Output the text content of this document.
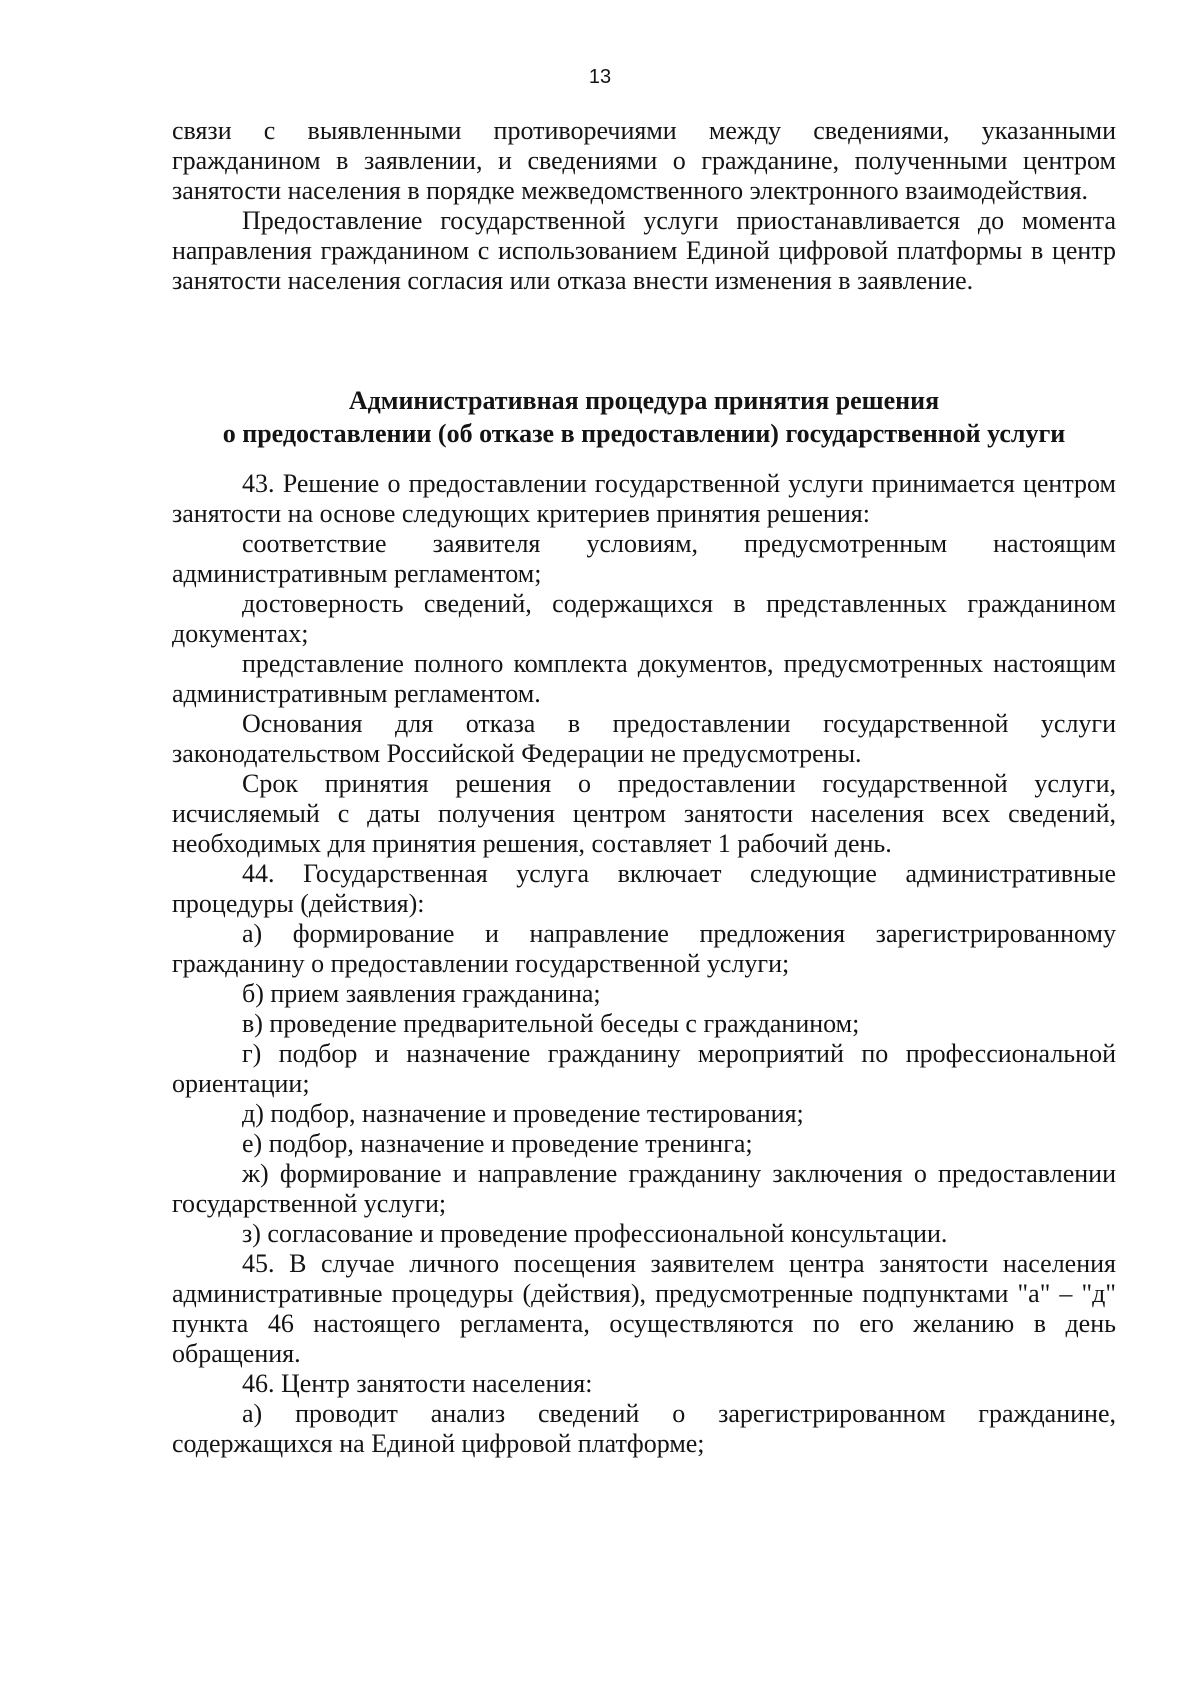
13

связи с выявленными противоречиями между сведениями, указанными гражданином в заявлении, и сведениями о гражданине, полученными центром занятости населения в порядке межведомственного электронного взаимодействия.

Предоставление государственной услуги приостанавливается до момента направления гражданином с использованием Единой цифровой платформы в центр занятости населения согласия или отказа внести изменения в заявление.

Административная процедура принятия решения
о предоставлении (об отказе в предоставлении) государственной услуги

43. Решение о предоставлении государственной услуги принимается центром занятости на основе следующих критериев принятия решения:

соответствие заявителя условиям, предусмотренным настоящим административным регламентом;

достоверность сведений, содержащихся в представленных гражданином документах;

представление полного комплекта документов, предусмотренных настоящим административным регламентом.

Основания для отказа в предоставлении государственной услуги законодательством Российской Федерации не предусмотрены.

Срок принятия решения о предоставлении государственной услуги, исчисляемый с даты получения центром занятости населения всех сведений, необходимых для принятия решения, составляет 1 рабочий день.

44. Государственная услуга включает следующие административные процедуры (действия):

а) формирование и направление предложения зарегистрированному гражданину о предоставлении государственной услуги;

б) прием заявления гражданина;

в) проведение предварительной беседы с гражданином;

г) подбор и назначение гражданину мероприятий по профессиональной ориентации;

д) подбор, назначение и проведение тестирования;

е) подбор, назначение и проведение тренинга;

ж) формирование и направление гражданину заключения о предоставлении государственной услуги;

з) согласование и проведение профессиональной консультации.

45. В случае личного посещения заявителем центра занятости населения административные процедуры (действия), предусмотренные подпунктами "а" – "д" пункта 46 настоящего регламента, осуществляются по его желанию в день обращения.

46. Центр занятости населения:

а) проводит анализ сведений о зарегистрированном гражданине, содержащихся на Единой цифровой платформе;
